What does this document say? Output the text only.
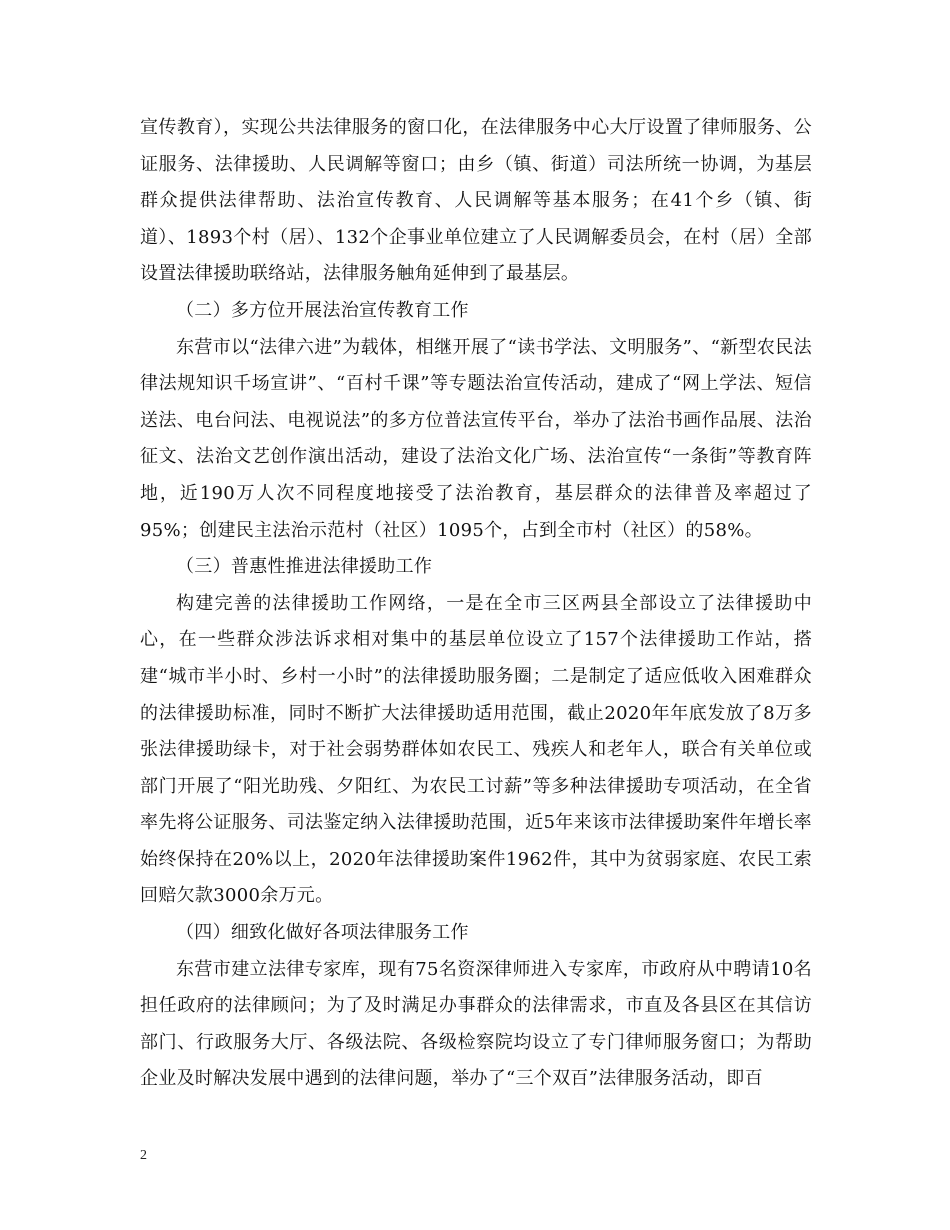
宣传教育），实现公共法律服务的窗口化，在法律服务中心大厅设置了律师服务、公证服务、法律援助、人民调解等窗口；由乡（镇、街道）司法所统一协调，为基层群众提供法律帮助、法治宣传教育、人民调解等基本服务；在41个乡（镇、街道）、1893个村（居）、132个企事业单位建立了人民调解委员会，在村（居）全部设置法律援助联络站，法律服务触角延伸到了最基层。

（二）多方位开展法治宣传教育工作

东营市以“法律六进”为载体，相继开展了“读书学法、文明服务”、“新型农民法律法规知识千场宣讲”、“百村千课”等专题法治宣传活动，建成了“网上学法、短信送法、电台问法、电视说法”的多方位普法宣传平台，举办了法治书画作品展、法治征文、法治文艺创作演出活动，建设了法治文化广场、法治宣传“一条街”等教育阵地，近190万人次不同程度地接受了法治教育，基层群众的法律普及率超过了95%；创建民主法治示范村（社区）1095个，占到全市村（社区）的58%。

（三）普惠性推进法律援助工作

构建完善的法律援助工作网络，一是在全市三区两县全部设立了法律援助中心，在一些群众涉法诉求相对集中的基层单位设立了157个法律援助工作站，搭建“城市半小时、乡村一小时”的法律援助服务圈；二是制定了适应低收入困难群众的法律援助标准，同时不断扩大法律援助适用范围，截止2020年年底发放了8万多张法律援助绿卡，对于社会弱势群体如农民工、残疾人和老年人，联合有关单位或部门开展了“阳光助残、夕阳红、为农民工讨薪”等多种法律援助专项活动，在全省率先将公证服务、司法鉴定纳入法律援助范围，近5年来该市法律援助案件年增长率始终保持在20%以上，2020年法律援助案件1962件，其中为贫弱家庭、农民工索回赔欠款3000余万元。

（四）细致化做好各项法律服务工作

东营市建立法律专家库，现有75名资深律师进入专家库，市政府从中聘请10名担任政府的法律顾问；为了及时满足办事群众的法律需求，市直及各县区在其信访部门、行政服务大厅、各级法院、各级检察院均设立了专门律师服务窗口；为帮助企业及时解决发展中遇到的法律问题，举办了“三个双百”法律服务活动，即百

2
